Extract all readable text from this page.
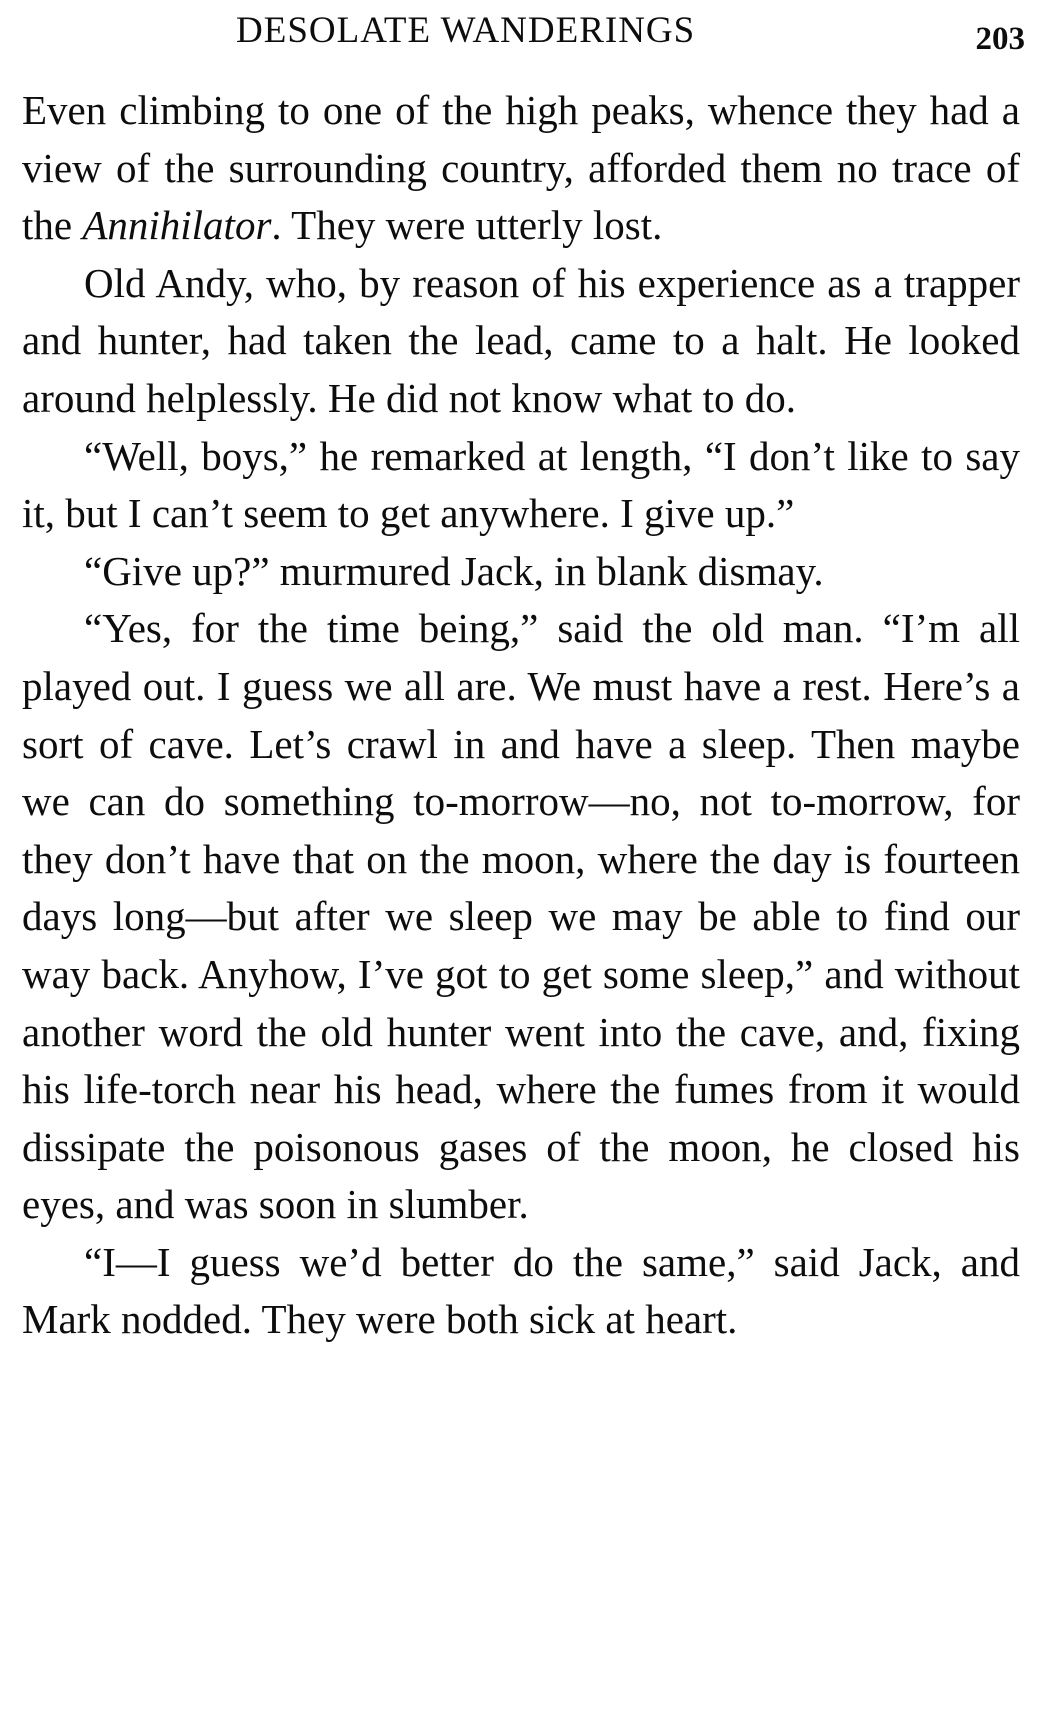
DESOLATE WANDERINGS	203

Even climbing to one of the high peaks, whence they had a view of the surrounding country, afforded them no trace of the Annihilator. They were utterly lost.

Old Andy, who, by reason of his experience as a trapper and hunter, had taken the lead, came to a halt. He looked around helplessly. He did not know what to do.

“Well, boys,” he remarked at length, “I don’t like to say it, but I can’t seem to get anywhere. I give up.”

“Give up?” murmured Jack, in blank dismay.

“Yes, for the time being,” said the old man. “I’m all played out. I guess we all are. We must have a rest. Here’s a sort of cave. Let’s crawl in and have a sleep. Then maybe we can do something to-morrow—no, not to-morrow, for they don’t have that on the moon, where the day is fourteen days long—but after we sleep we may be able to find our way back. Anyhow, I’ve got to get some sleep,” and without another word the old hunter went into the cave, and, fixing his life-torch near his head, where the fumes from it would dissipate the poisonous gases of the moon, he closed his eyes, and was soon in slumber.

“I—I guess we’d better do the same,” said Jack, and Mark nodded. They were both sick at heart.
